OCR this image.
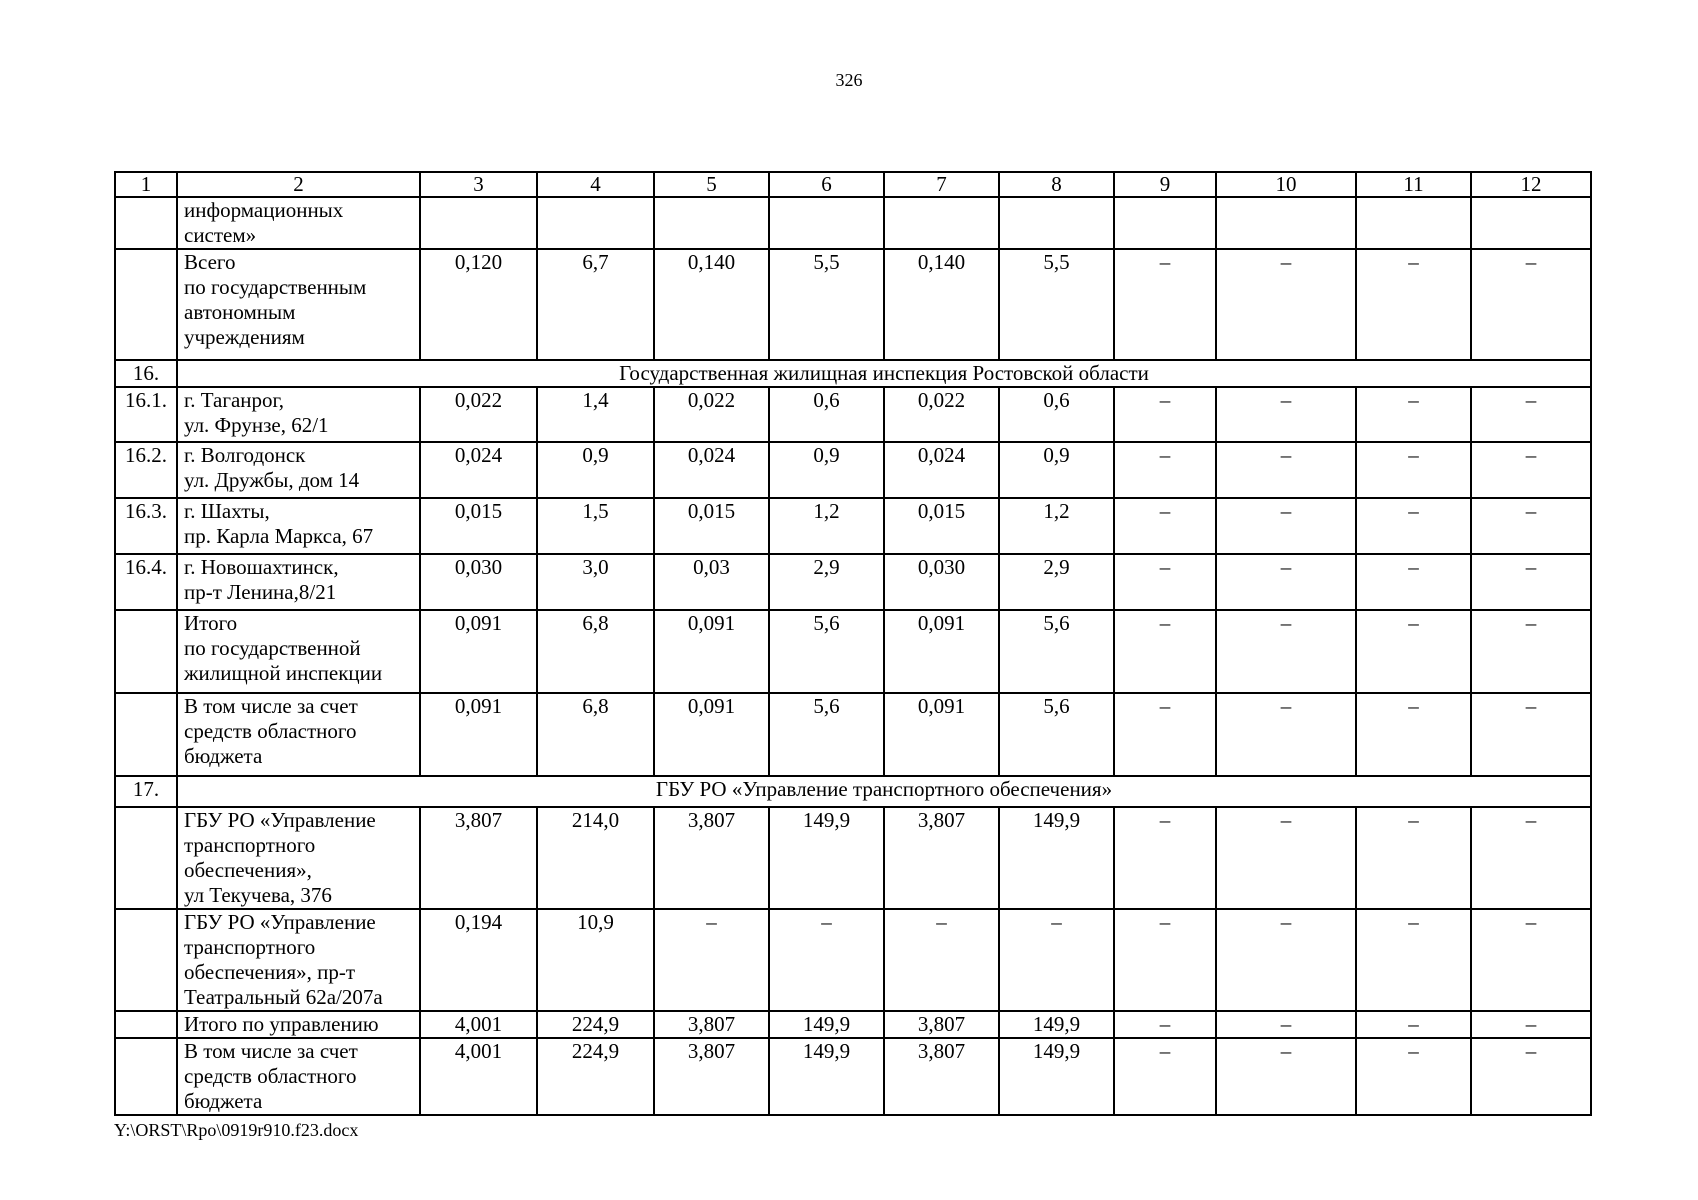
326
1	2	3	4	5	6	7	8	9	10	11	12
	информационных
систем»										
	Всего
по государственным
автономным
учреждениям	0,120	6,7	0,140	5,5	0,140	5,5	–	–	–	–
16.	Государственная жилищная инспекция Ростовской области										
16.1.	г. Таганрог,
ул. Фрунзе, 62/1	0,022	1,4	0,022	0,6	0,022	0,6	–	–	–	–
16.2.	г. Волгодонск
ул. Дружбы, дом 14	0,024	0,9	0,024	0,9	0,024	0,9	–	–	–	–
16.3.	г. Шахты,
пр. Карла Маркса, 67	0,015	1,5	0,015	1,2	0,015	1,2	–	–	–	–
16.4.	г. Новошахтинск,
пр-т Ленина,8/21	0,030	3,0	0,03	2,9	0,030	2,9	–	–	–	–
	Итого
по государственной
жилищной инспекции	0,091	6,8	0,091	5,6	0,091	5,6	–	–	–	–
	В том числе за счет
средств областного
бюджета	0,091	6,8	0,091	5,6	0,091	5,6	–	–	–	–
17.	ГБУ РО «Управление транспортного обеспечения»										
	ГБУ РО «Управление
транспортного
обеспечения»,
ул Текучева, 376	3,807	214,0	3,807	149,9	3,807	149,9	–	–	–	–
	ГБУ РО «Управление
транспортного
обеспечения», пр-т
Театральный 62а/207а	0,194	10,9	–	–	–	–	–	–	–	–
	Итого по управлению	4,001	224,9	3,807	149,9	3,807	149,9	–	–	–	–
	В том числе за счет
средств областного
бюджета	4,001	224,9	3,807	149,9	3,807	149,9	–	–	–	–
Y:\ORST\Rpo\0919r910.f23.docx
